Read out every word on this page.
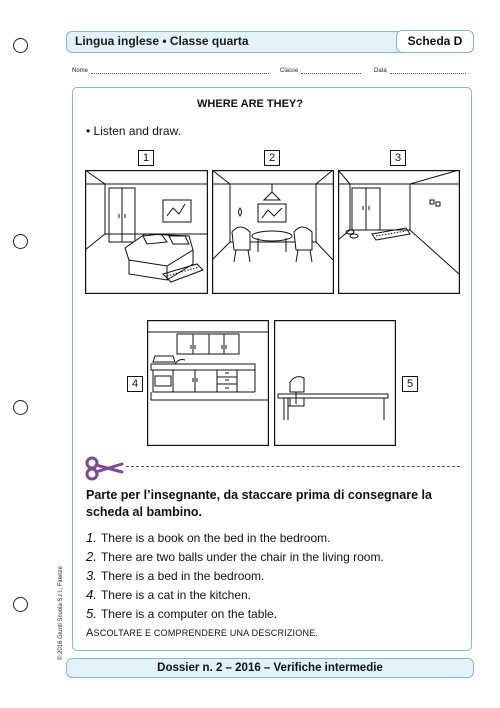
Lingua inglese • Classe quarta	Scheda D
Nome	Classe	Data
WHERE ARE THEY?
• Listen and draw.
1	2	3
4	5
Parte per l’insegnante, da staccare prima di consegnare la scheda al bambino.
1. There is a book on the bed in the bedroom.
2. There are two balls under the chair in the living room.
3. There is a bed in the bedroom.
4. There is a cat in the kitchen.
5. There is a computer on the table.
ASCOLTARE E COMPRENDERE UNA DESCRIZIONE.
© 2016 Giunti Scuola S.r.l., Firenze
Dossier n. 2 – 2016 – Verifiche intermedie
